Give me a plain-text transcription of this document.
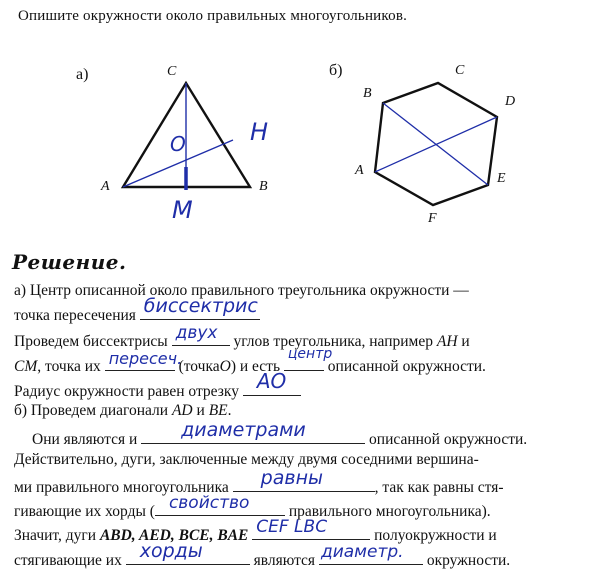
Опишите окружности около правильных многоугольников.
а)	C
A	B
O	H
M
б)
B
C
D
E
F
A
Решение.
а) Центр описанной около правильного треугольника окружности —
точка пересечения биссектрис
Проведем биссектрисы двух углов треугольника, например AH и
CM, точка их пересеч.
(точкаO) и есть
центр
описанной окружности.
Радиус окружности равен отрезку AO
б) Проведем диагонали AD и BE.
Они являются и диаметрами	описанной окружности.
Действительно, дуги, заключенные между двумя соседними вершина-
ми правильного многоугольника равны	, так как равны стя-
гивающие их хорды ( свойство	правильного многоугольника).
Значит, дуги ABD, AED, BCE, BAE CEF LBC	полуокружности и
стягивающие их хорды	являются диаметр. окружности.
